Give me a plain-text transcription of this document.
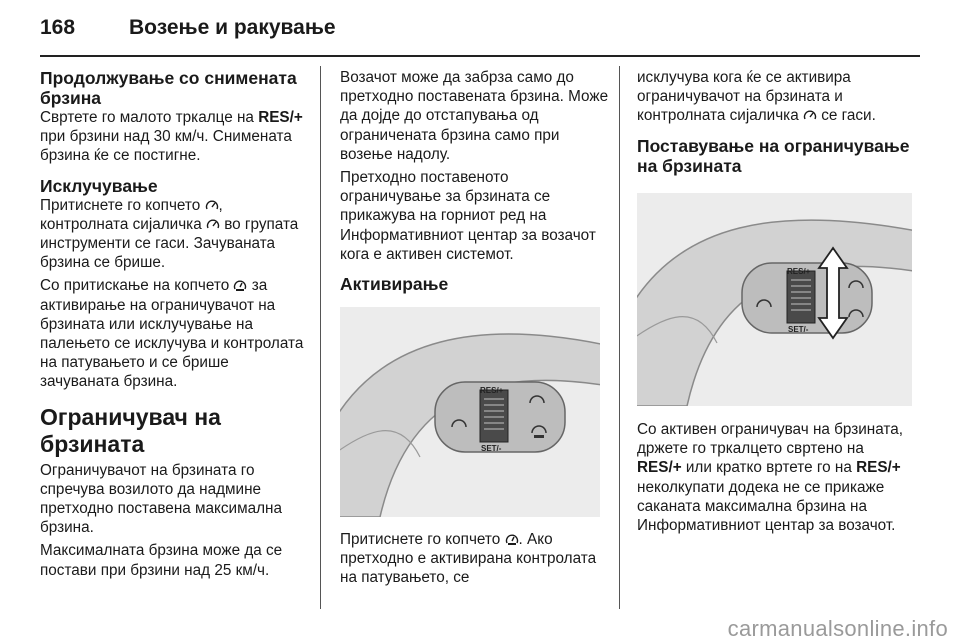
168	Возење и ракување
Продолжување со снимената брзина

Свртете го малото тркалце на RES/+ при брзини над 30 км/ч. Снимената брзина ќе се постигне.

Исклучување

Притиснете го копчето , контролната сијаличка  во групата инструменти се гаси. Зачуваната брзина се брише.

Со притискање на копчето  за активирање на ограничувачот на брзината или исклучување на палењето се исклучува и контролата на патувањето и се брише зачуваната брзина.

Ограничувач на брзината

Ограничувачот на брзината го спречува возилото да надмине претходно поставена максимална брзина.

Максималната брзина може да се постави при брзини над 25 км/ч.

Возачот може да забрза само до претходно поставената брзина. Може да дојде до отстапувања од ограничената брзина само при возење надолу.

Претходно поставеното ограничување за брзината се прикажува на горниот ред на Информативниот центар за возачот кога е активен системот.

Активирање
RES/+
SET/-

Притиснете го копчето . Ако претходно е активирана контролата на патувањето, се

исклучува кога ќе се активира ограничувачот на брзината и контролната сијаличка  се гаси.

Поставување на ограничување на брзината
RES/+
SET/-

Со активен ограничувач на брзината, држете го тркалцето свртено на RES/+ или кратко вртете го на RES/+ неколкупати додека не се прикаже саканата максимална брзина на Информативниот центар за возачот.

carmanualsonline.info
